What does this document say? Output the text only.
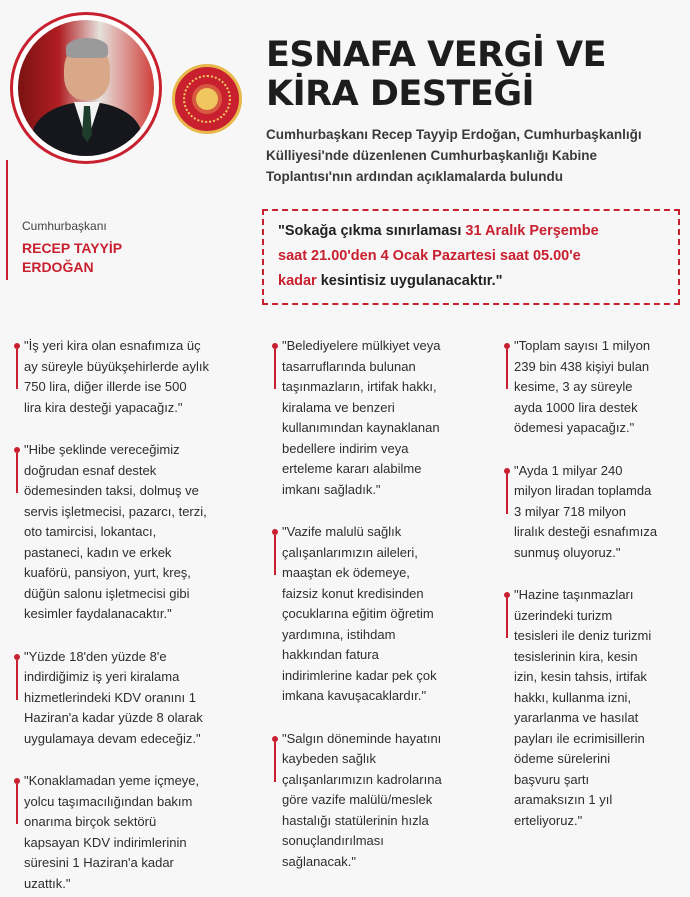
ESNAFA VERGİ VE
KİRA DESTEĞİ
Cumhurbaşkanı Recep Tayyip Erdoğan, Cumhurbaşkanlığı
Külliyesi'nde düzenlenen Cumhurbaşkanlığı Kabine
Toplantısı'nın ardından açıklamalarda bulundu
Cumhurbaşkanı
RECEP TAYYİP
ERDOĞAN
"Sokağa çıkma sınırlaması 31 Aralık Perşembe
saat 21.00'den 4 Ocak Pazartesi saat 05.00'e
kadar kesintisiz uygulanacaktır."
"İş yeri kira olan esnafımıza üç
ay süreyle büyükşehirlerde aylık
750 lira, diğer illerde ise 500
lira kira desteği yapacağız."
"Hibe şeklinde vereceğimiz
doğrudan esnaf destek
ödemesinden taksi, dolmuş ve
servis işletmecisi, pazarcı, terzi,
oto tamircisi, lokantacı,
pastaneci, kadın ve erkek
kuaförü, pansiyon, yurt, kreş,
düğün salonu işletmecisi gibi
kesimler faydalanacaktır."
"Yüzde 18'den yüzde 8'e
indirdiğimiz iş yeri kiralama
hizmetlerindeki KDV oranını 1
Haziran'a kadar yüzde 8 olarak
uygulamaya devam edeceğiz."
"Konaklamadan yeme içmeye,
yolcu taşımacılığından bakım
onarıma birçok sektörü
kapsayan KDV indirimlerinin
süresini 1 Haziran'a kadar
uzattık."
"Belediyelere mülkiyet veya
tasarruflarında bulunan
taşınmazların, irtifak hakkı,
kiralama ve benzeri
kullanımından kaynaklanan
bedellere indirim veya
erteleme kararı alabilme
imkanı sağladık."
"Vazife malulü sağlık
çalışanlarımızın aileleri,
maaştan ek ödemeye,
faizsiz konut kredisinden
çocuklarına eğitim öğretim
yardımına, istihdam
hakkından fatura
indirimlerine kadar pek çok
imkana kavuşacaklardır."
"Salgın döneminde hayatını
kaybeden sağlık
çalışanlarımızın kadrolarına
göre vazife malülü/meslek
hastalığı statülerinin hızla
sonuçlandırılması
sağlanacak."
"Toplam sayısı 1 milyon
239 bin 438 kişiyi bulan
kesime, 3 ay süreyle
ayda 1000 lira destek
ödemesi yapacağız."
"Ayda 1 milyar 240
milyon liradan toplamda
3 milyar 718 milyon
liralık desteği esnafımıza
sunmuş oluyoruz."
"Hazine taşınmazları
üzerindeki turizm
tesisleri ile deniz turizmi
tesislerinin kira, kesin
izin, kesin tahsis, irtifak
hakkı, kullanma izni,
yararlanma ve hasılat
payları ile ecrimisillerin
ödeme sürelerini
başvuru şartı
aramaksızın 1 yıl
erteliyoruz."
